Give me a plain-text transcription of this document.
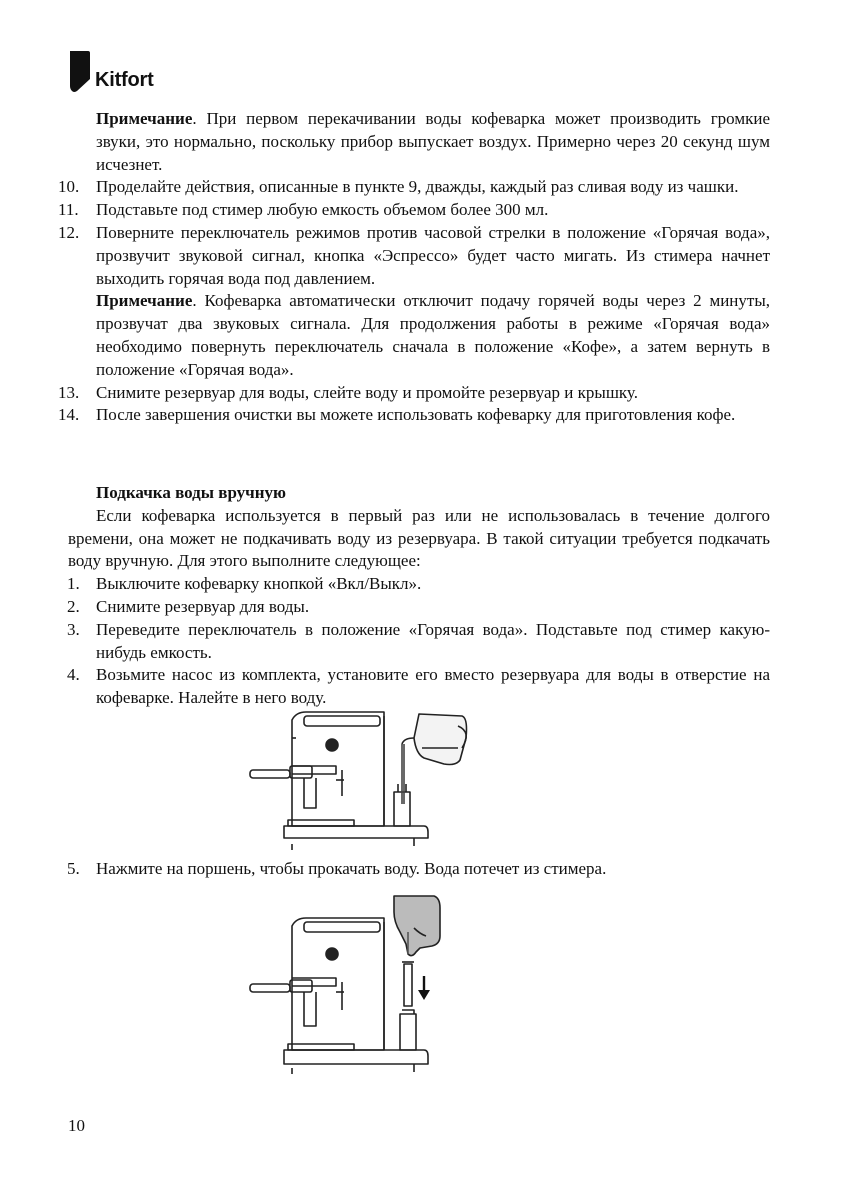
Kitfort

Примечание. При первом перекачивании воды кофеварка может производить громкие звуки, это нормально, поскольку прибор выпускает воздух. Примерно через 20 секунд шум исчезнет.

10. Проделайте действия, описанные в пункте 9, дважды, каждый раз сливая воду из чашки.
11. Подставьте под стимер любую емкость объемом более 300 мл.
12. Поверните переключатель режимов против часовой стрелки в положение «Горячая вода», прозвучит звуковой сигнал, кнопка «Эспрессо» будет часто мигать. Из стимера начнет выходить горячая вода под давлением.

Примечание. Кофеварка автоматически отключит подачу горячей воды через 2 минуты, прозвучат два звуковых сигнала. Для продолжения работы в режиме «Горячая вода» необходимо повернуть переключатель сначала в положение «Кофе», а затем вернуть в положение «Горячая вода».

13. Снимите резервуар для воды, слейте воду и промойте резервуар и крышку.
14. После завершения очистки вы можете использовать кофеварку для приготовления кофе.

Подкачка воды вручную

Если кофеварка используется в первый раз или не использовалась в течение долгого времени, она может не подкачивать воду из резервуара. В такой ситуации требуется подкачать воду вручную. Для этого выполните следующее:

1. Выключите кофеварку кнопкой «Вкл/Выкл».
2. Снимите резервуар для воды.
3. Переведите переключатель в положение «Горячая вода». Подставьте под стимер какую-нибудь емкость.
4. Возьмите насос из комплекта, установите его вместо резервуара для воды в отверстие на кофеварке. Налейте в него воду.
5. Нажмите на поршень, чтобы прокачать воду. Вода потечет из стимера.
10
